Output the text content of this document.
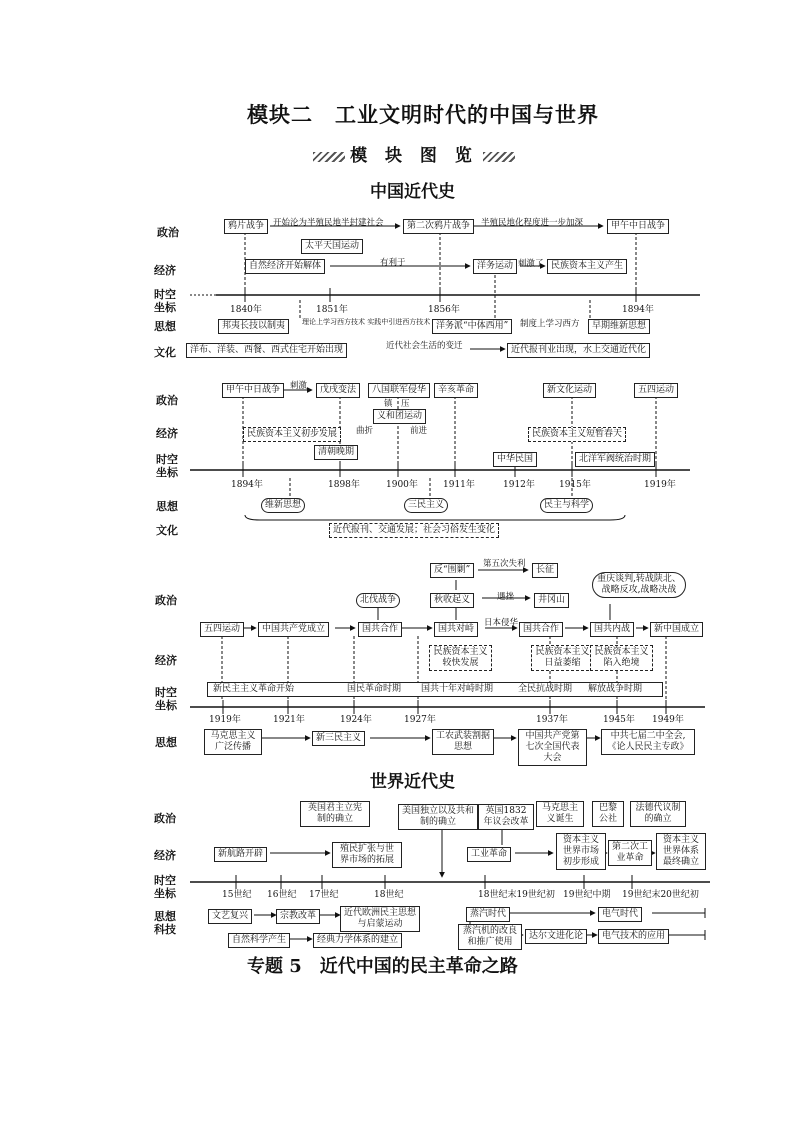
模块二　工业文明时代的中国与世界
模 块 图 览
中国近代史
政治
经济
时空坐标
思想
文化
鸦片战争	开始沦为半殖民地半封建社会	第二次鸦片战争	半殖民地化程度进一步加深	甲午中日战争
太平天国运动
自然经济开始解体	有利于	洋务运动 刺激了 民族资本主义产生
1840年	1851年	1856年	1894年
邦夷长技以制夷	理论上学习西方技术 实践中引进西方技术 洋务派“中体西用”	制度上学习西方	早期维新思想
洋布、洋装、西餐、西式住宅开始出现	近代社会生活的变迁	近代报刊业出现，水上交通近代化
政治
经济
时空坐标
思想
文化
甲午中日战争	刺激	戊戌变法	八国联军侵华
镇　压
义和团运动
辛亥革命	新文化运动	五四运动
民族资本主义初步发展	曲折	前进	民族资本主义短暂春天
清朝晚期
中华民国	北洋军阀统治时期
1894年	1898年	1900年	1911年	1912年	1915年	1919年
维新思想	三民主义	民主与科学
近代报刊、交通发展；社会习俗发生变化
政治
经济
时空坐标
思想
反“围剿”
第五次失利
长征
重庆谈判,转战陕北、战略反攻,战略决战
北伐战争	秋收起义	遇挫	井冈山
五四运动	中国共产党成立	国共合作	国共对峙
日本侵华
国共合作	国共内战	新中国成立
民族资本主义较快发展
民族资本主义日益萎缩
民族资本主义陷入绝境
新民主主义革命开始	国民革命时期 国共十年对峙时期	全民抗战时期 解放战争时期
1919年	1921年	1924年	1927年	1937年	1945年 1949年
马克思主义广泛传播
新三民主义	工农武装割据思想
中国共产党第七次全国代表大会
中共七届二中全会,《论人民民主专政》
世界近代史
政治
经济
时空坐标
思想科技
英国君主立宪制的确立
美国独立以及共和制的确立
英国1832年议会改革
马克思主义诞生
巴黎公社
法德代议制的确立
新航路开辟	殖民扩张与世界市场的拓展
工业革命
资本主义世界市场初步形成
第二次工业革命
资本主义世界体系最终确立
15世纪 16世纪 17世纪	18世纪	18世纪末19世纪初 19世纪中期 19世纪末20世纪初
文艺复兴	宗教改革	近代欧洲民主思想与启蒙运动
蒸汽时代	电气时代
自然科学产生	经典力学体系的建立
蒸汽机的改良和推广使用
达尔文进化论	电气技术的应用
专题 5　近代中国的民主革命之路
